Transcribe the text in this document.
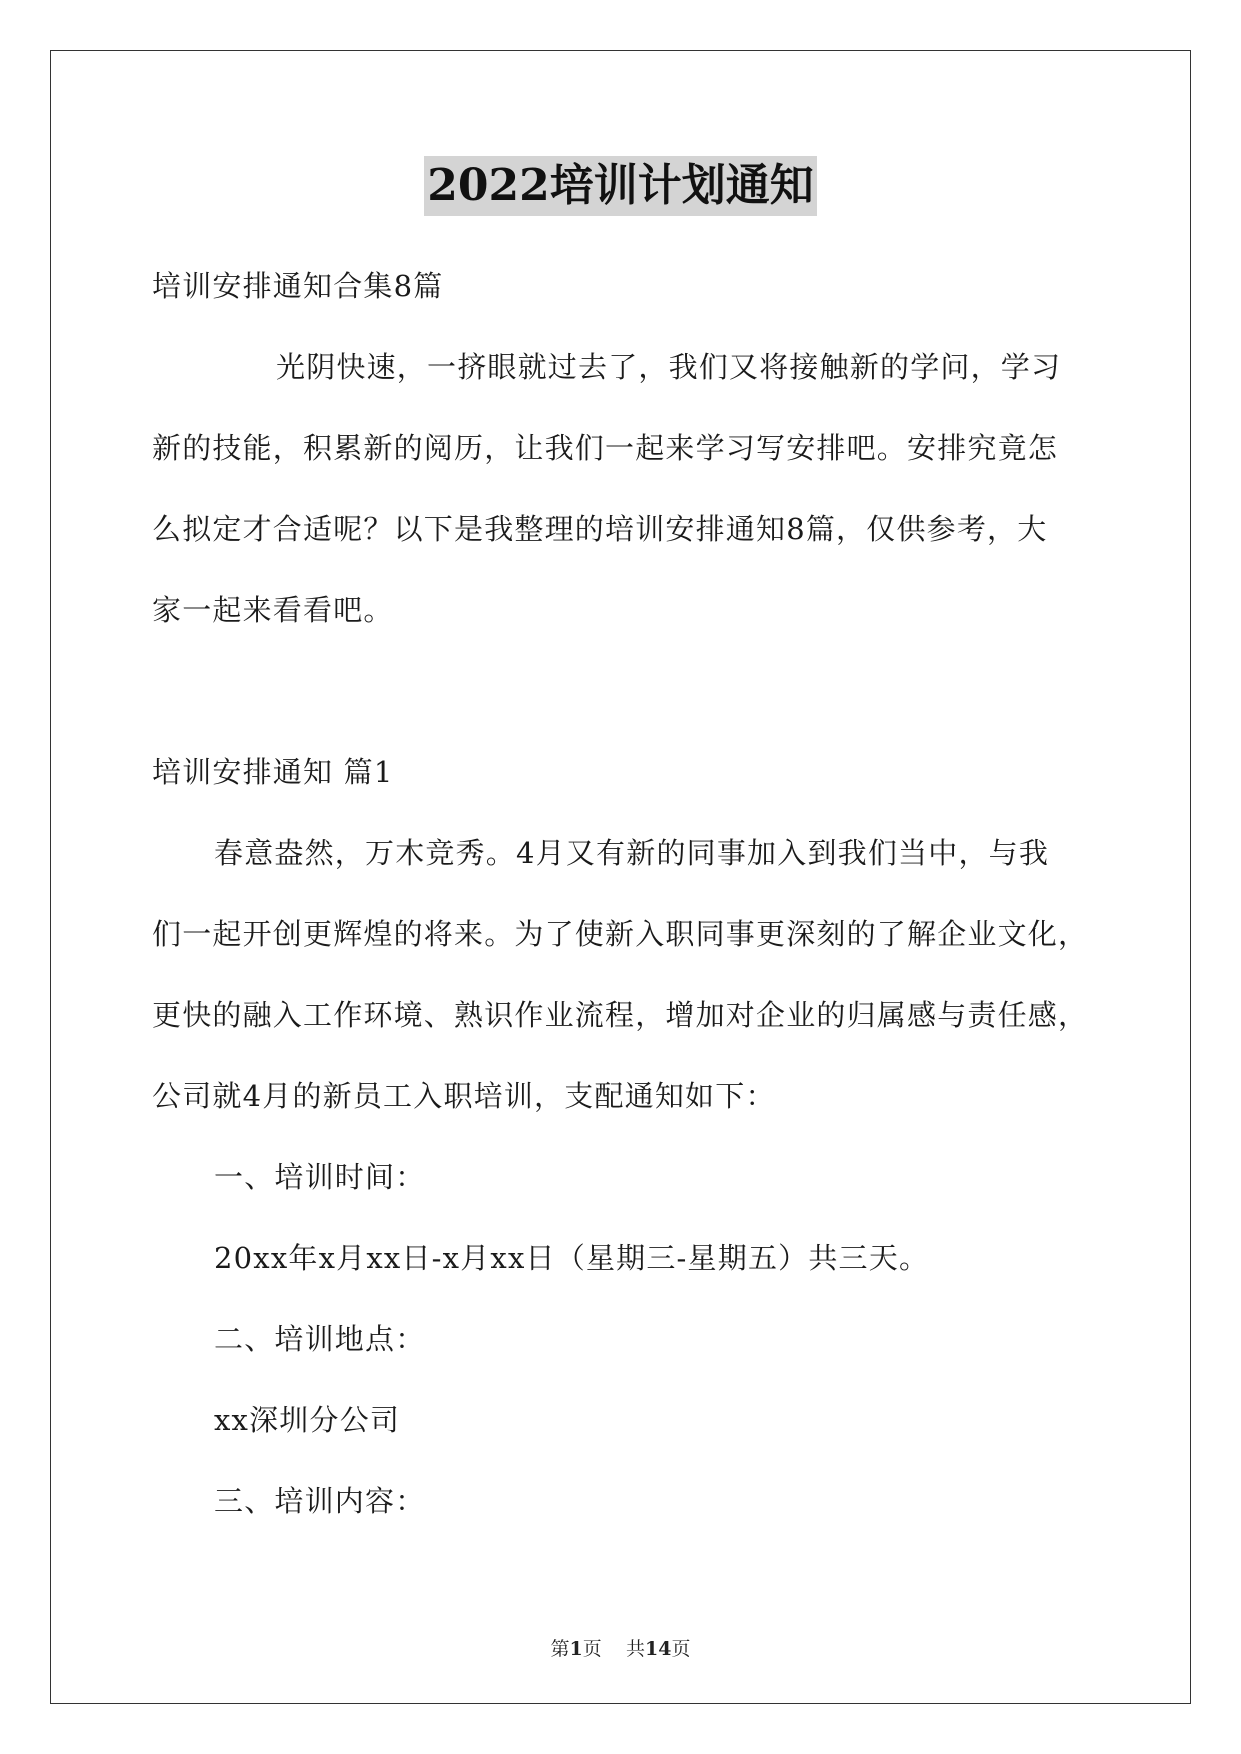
2022培训计划通知

培训安排通知合集8篇

光阴快速，一挤眼就过去了，我们又将接触新的学问，学习

新的技能，积累新的阅历，让我们一起来学习写安排吧。安排究竟怎

么拟定才合适呢？以下是我整理的培训安排通知8篇，仅供参考，大

家一起来看看吧。

培训安排通知 篇1

春意盎然，万木竞秀。4月又有新的同事加入到我们当中，与我

们一起开创更辉煌的将来。为了使新入职同事更深刻的了解企业文化，

更快的融入工作环境、熟识作业流程，增加对企业的归属感与责任感，

公司就4月的新员工入职培训，支配通知如下：

一、培训时间：

20xx年x月xx日-x月xx日（星期三-星期五）共三天。

二、培训地点：

xx深圳分公司

三、培训内容：

第1页 共14页
